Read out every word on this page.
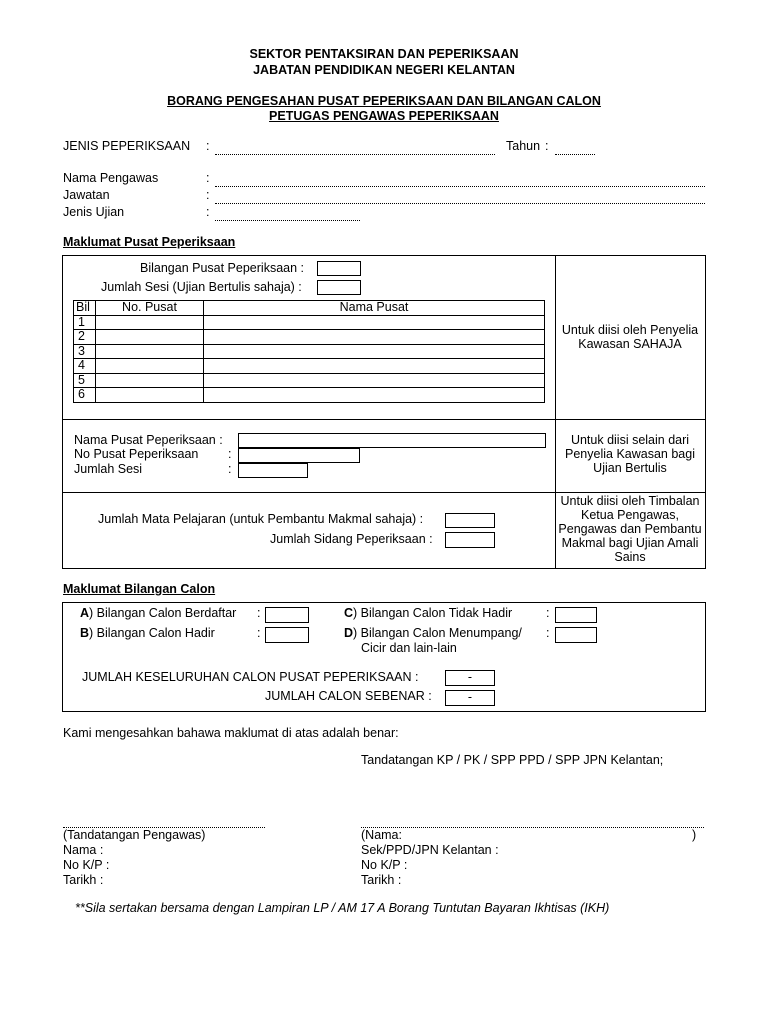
SEKTOR PENTAKSIRAN DAN PEPERIKSAAN
JABATAN PENDIDIKAN NEGERI KELANTAN
BORANG PENGESAHAN PUSAT PEPERIKSAAN DAN BILANGAN CALON
PETUGAS PENGAWAS PEPERIKSAAN
JENIS PEPERIKSAAN :	Tahun :
Nama Pengawas	:
Jawatan	:
Jenis Ujian	:
Maklumat Pusat Peperiksaan
Bilangan Pusat Peperiksaan :
Jumlah Sesi (Ujian Bertulis sahaja) :
Bil	No. Pusat	Nama Pusat
1		
2		
3		
4		
5		
6		
Untuk diisi oleh Penyelia Kawasan SAHAJA
Nama Pusat Peperiksaan :
No Pusat Peperiksaan :
Jumlah Sesi	:
Untuk diisi selain dari Penyelia Kawasan bagi Ujian Bertulis
Jumlah Mata Pelajaran (untuk Pembantu Makmal sahaja) :
Jumlah Sidang Peperiksaan :
Untuk diisi oleh Timbalan Ketua Pengawas, Pengawas dan Pembantu Makmal bagi Ujian Amali Sains
Maklumat Bilangan Calon
A) Bilangan Calon Berdaftar :
B) Bilangan Calon Hadir	:
C) Bilangan Calon Tidak Hadir	:
D) Bilangan Calon Menumpang/
Cicir dan lain-lain
:
JUMLAH KESELURUHAN CALON PUSAT PEPERIKSAAN :	-
JUMLAH CALON SEBENAR :	-
Kami mengesahkan bahawa maklumat di atas adalah benar:
Tandatangan KP / PK / SPP PPD / SPP JPN Kelantan;
(Tandatangan Pengawas)
Nama :
No K/P :
Tarikh :
(Nama:	)
Sek/PPD/JPN Kelantan :
No K/P :
Tarikh :
**Sila sertakan bersama dengan Lampiran LP / AM 17 A Borang Tuntutan Bayaran Ikhtisas (IKH)
